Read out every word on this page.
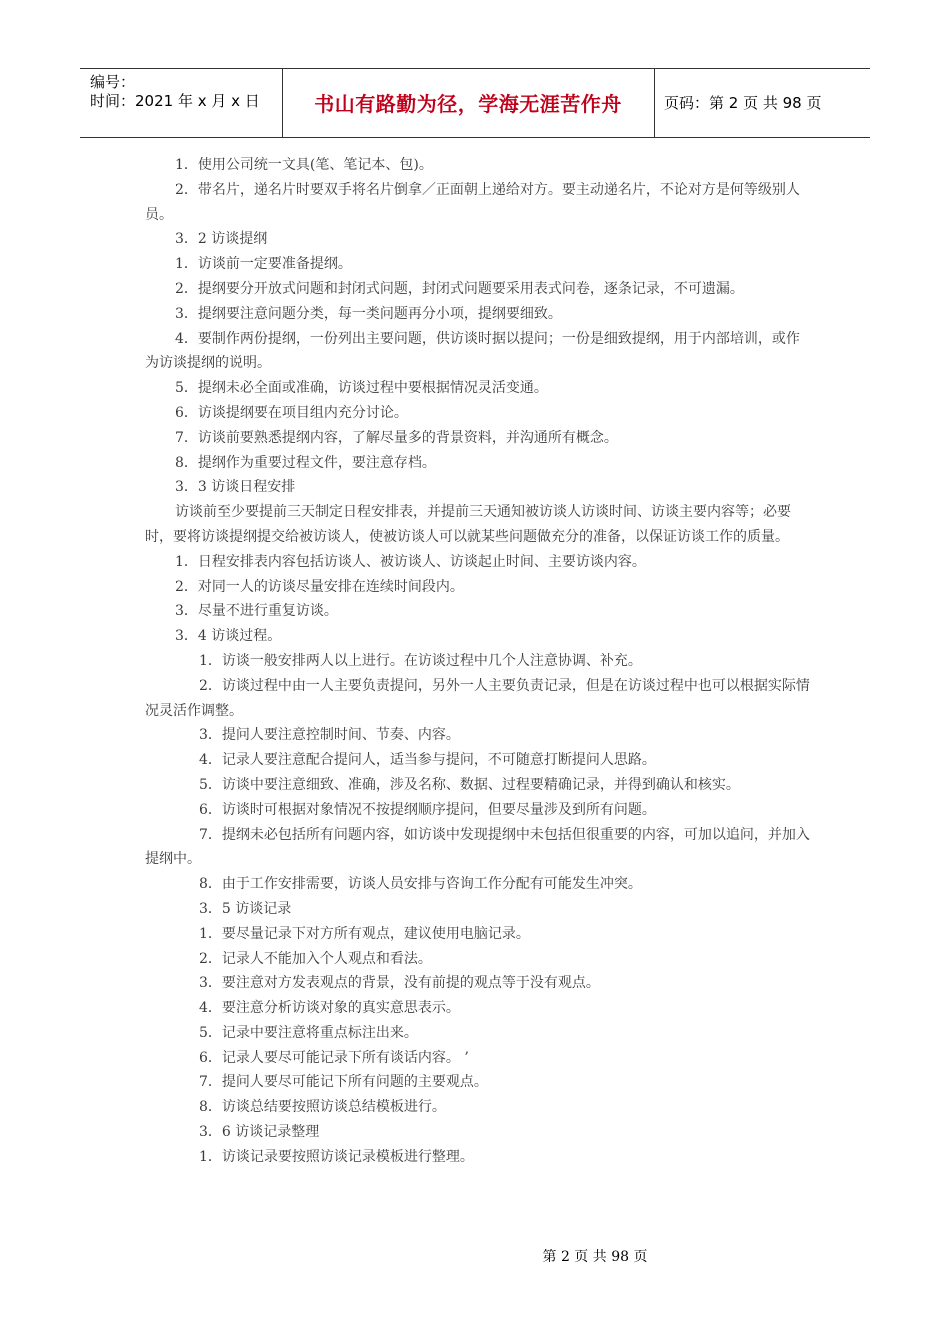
编号：
时间：2021 年 x 月 x 日	书山有路勤为径，学海无涯苦作舟	页码：第 2 页 共 98 页

1．使用公司统一文具(笔、笔记本、包)。

2．带名片，递名片时要双手将名片倒拿／正面朝上递给对方。要主动递名片，不论对方是何等级别人员。

3．2 访谈提纲

1．访谈前一定要准备提纲。

2．提纲要分开放式问题和封闭式问题，封闭式问题要采用表式问卷，逐条记录，不可遗漏。

3．提纲要注意问题分类，每一类问题再分小项，提纲要细致。

4．要制作两份提纲，一份列出主要问题，供访谈时据以提问；一份是细致提纲，用于内部培训，或作为访谈提纲的说明。

5．提纲未必全面或准确，访谈过程中要根据情况灵活变通。

6．访谈提纲要在项目组内充分讨论。

7．访谈前要熟悉提纲内容，了解尽量多的背景资料，并沟通所有概念。

8．提纲作为重要过程文件，要注意存档。

3．3 访谈日程安排

访谈前至少要提前三天制定日程安排表，并提前三天通知被访谈人访谈时间、访谈主要内容等；必要时，要将访谈提纲提交给被访谈人，使被访谈人可以就某些问题做充分的准备，以保证访谈工作的质量。

1．日程安排表内容包括访谈人、被访谈人、访谈起止时间、主要访谈内容。

2．对同一人的访谈尽量安排在连续时间段内。

3．尽量不进行重复访谈。

3．4 访谈过程。

1．访谈一般安排两人以上进行。在访谈过程中几个人注意协调、补充。

2．访谈过程中由一人主要负责提问，另外一人主要负责记录，但是在访谈过程中也可以根据实际情况灵活作调整。

3．提问人要注意控制时间、节奏、内容。

4．记录人要注意配合提问人，适当参与提问，不可随意打断提问人思路。

5．访谈中要注意细致、准确，涉及名称、数据、过程要精确记录，并得到确认和核实。

6．访谈时可根据对象情况不按提纲顺序提问，但要尽量涉及到所有问题。

7．提纲未必包括所有问题内容，如访谈中发现提纲中未包括但很重要的内容，可加以追问，并加入提纲中。

8．由于工作安排需要，访谈人员安排与咨询工作分配有可能发生冲突。

3．5 访谈记录

1．要尽量记录下对方所有观点，建议使用电脑记录。

2．记录人不能加入个人观点和看法。

3．要注意对方发表观点的背景，没有前提的观点等于没有观点。

4．要注意分析访谈对象的真实意思表示。

5．记录中要注意将重点标注出来。

6．记录人要尽可能记录下所有谈话内容。 ’

7．提问人要尽可能记下所有问题的主要观点。

8．访谈总结要按照访谈总结模板进行。

3．6 访谈记录整理

1．访谈记录要按照访谈记录模板进行整理。

第 2 页 共 98 页
